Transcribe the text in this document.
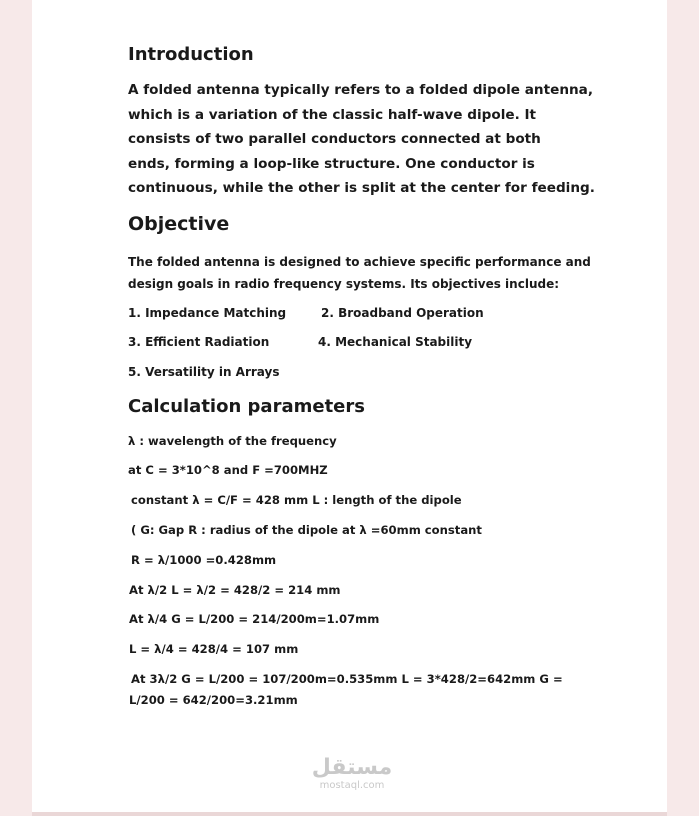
Introduction
A folded antenna typically refers to a folded dipole antenna,
which is a variation of the classic half-wave dipole. It
consists of two parallel conductors connected at both
ends, forming a loop-like structure. One conductor is
continuous, while the other is split at the center for feeding.
Objective
The folded antenna is designed to achieve specific performance and
design goals in radio frequency systems. Its objectives include:
1. Impedance Matching	2. Broadband Operation
3. Efficient Radiation	4. Mechanical Stability
5. Versatility in Arrays
Calculation parameters
λ : wavelength of the frequency
at C = 3*10^8 and F =700MHZ
constant λ = C/F = 428 mm L : length of the dipole
( G: Gap R : radius of the dipole at λ =60mm constant
R = λ/1000 =0.428mm
At λ/2 L = λ/2 = 428/2 = 214 mm
At λ/4 G = L/200 = 214/200m=1.07mm
L = λ/4 = 428/4 = 107 mm
At 3λ/2 G = L/200 = 107/200m=0.535mm L = 3*428/2=642mm G =
L/200 = 642/200=3.21mm
مستقل
mostaql.com
